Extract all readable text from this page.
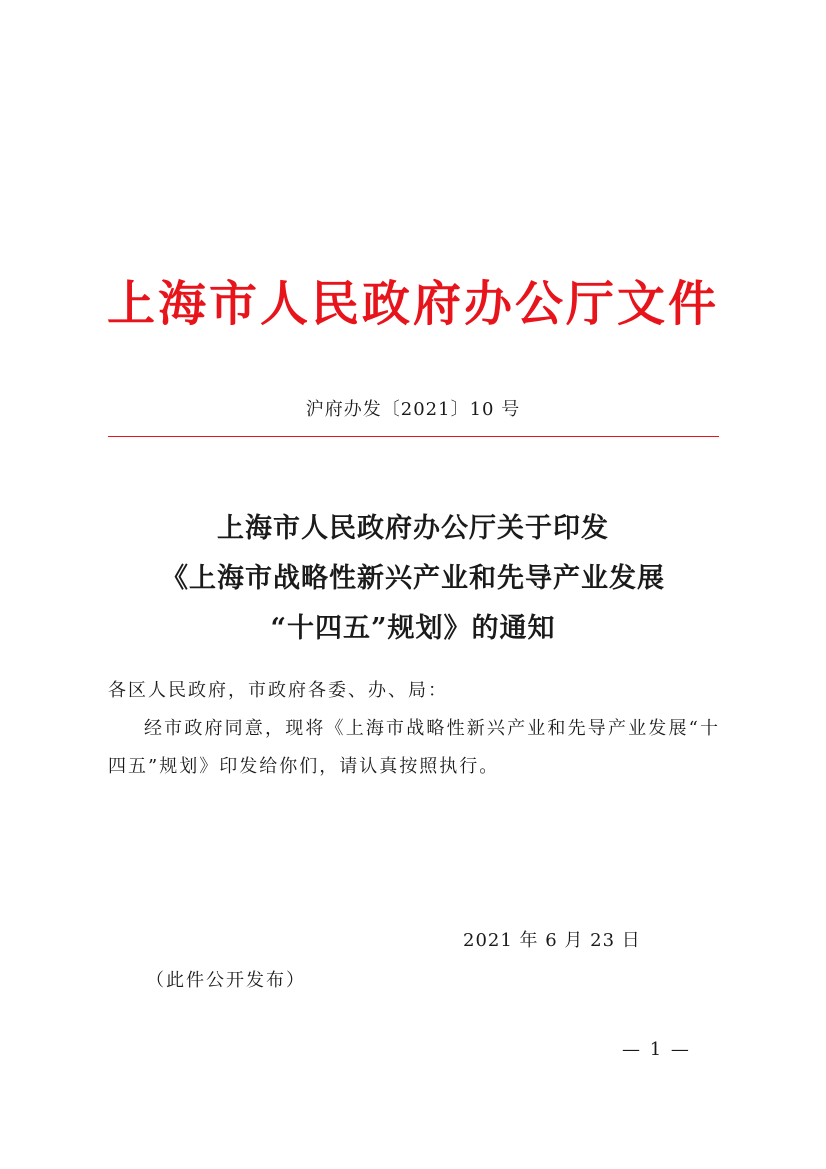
上海市人民政府办公厅文件
沪府办发〔2021〕10 号
上海市人民政府办公厅关于印发
《上海市战略性新兴产业和先导产业发展
“十四五”规划》的通知

各区人民政府，市政府各委、办、局：

经市政府同意，现将《上海市战略性新兴产业和先导产业发展“十四五”规划》印发给你们，请认真按照执行。

2021 年 6 月 23 日
（此件公开发布）
— 1 —
